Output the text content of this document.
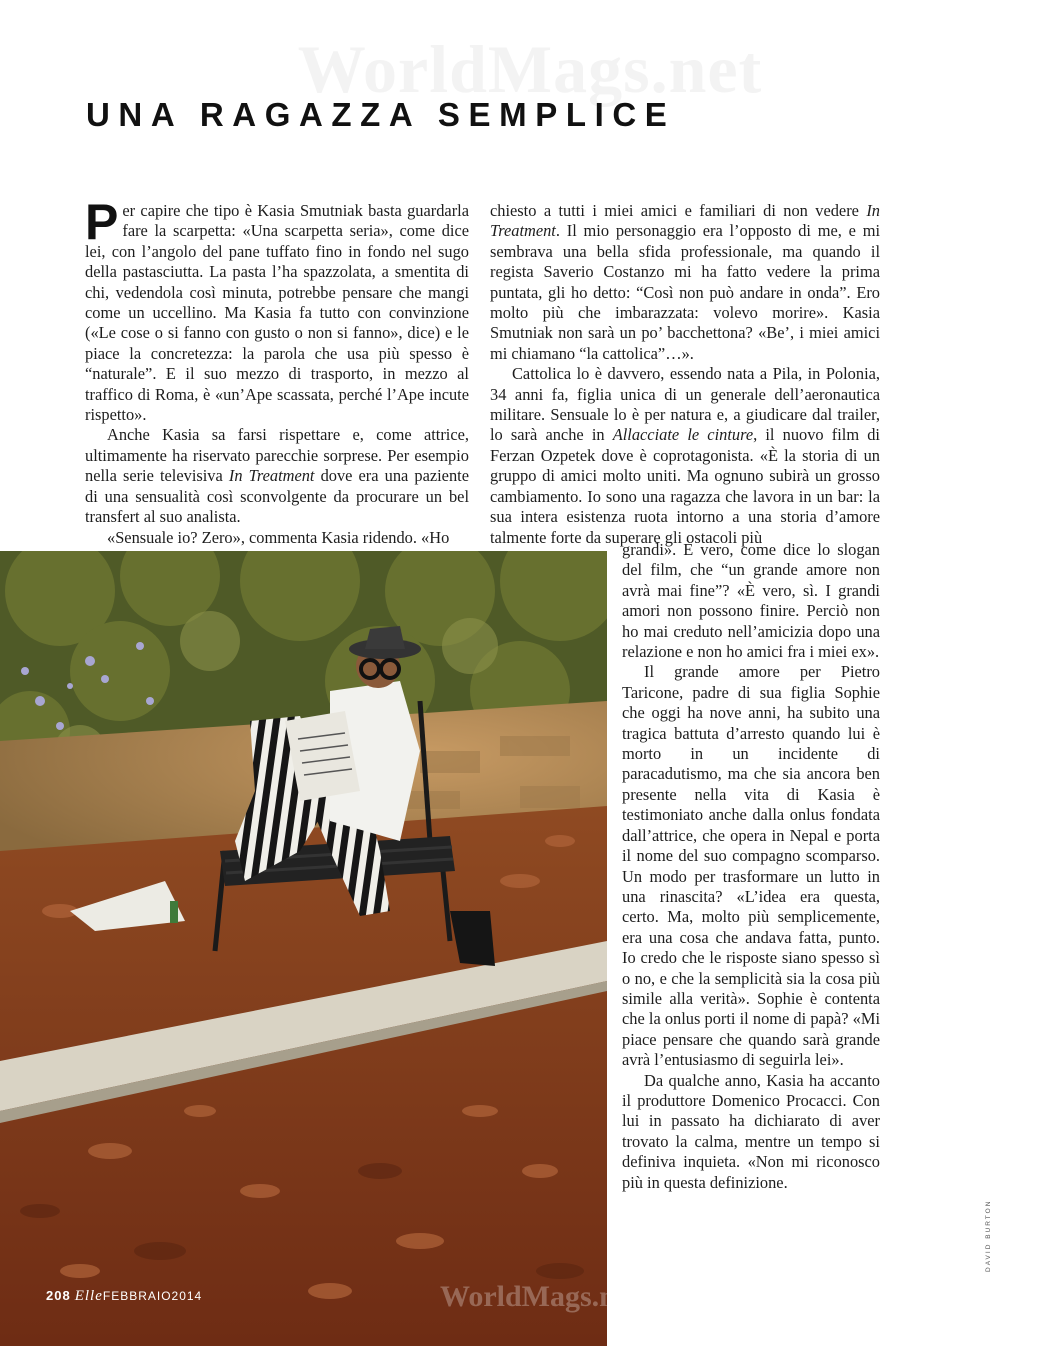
WorldMags.net
UNA RAGAZZA SEMPLICE

Per capire che tipo è Kasia Smutniak basta guardarla fare la scarpetta: «Una scarpetta seria», come dice lei, con l’angolo del pane tuffato fino in fondo nel sugo della pastasciutta. La pasta l’ha spazzolata, a smentita di chi, vedendola così minuta, potrebbe pensare che mangi come un uccellino. Ma Kasia fa tutto con convinzione («Le cose o si fanno con gusto o non si fanno», dice) e le piace la concretezza: la parola che usa più spesso è “naturale”. E il suo mezzo di trasporto, in mezzo al traffico di Roma, è «un’Ape scassata, perché l’Ape incute rispetto».

Anche Kasia sa farsi rispettare e, come attrice, ultimamente ha riservato parecchie sorprese. Per esempio nella serie televisiva In Treatment dove era una paziente di una sensualità così sconvolgente da procurare un bel transfert al suo analista.

«Sensuale io? Zero», commenta Kasia ridendo. «Ho

chiesto a tutti i miei amici e familiari di non vedere In Treatment. Il mio personaggio era l’opposto di me, e mi sembrava una bella sfida professionale, ma quando il regista Saverio Costanzo mi ha fatto vedere la prima puntata, gli ho detto: “Così non può andare in onda”. Ero molto più che imbarazzata: volevo morire». Kasia Smutniak non sarà un po’ bacchettona? «Be’, i miei amici mi chiamano “la cattolica”…».

Cattolica lo è davvero, essendo nata a Pila, in Polonia, 34 anni fa, figlia unica di un generale dell’aeronautica militare. Sensuale lo è per natura e, a giudicare dal trailer, lo sarà anche in Allacciate le cinture, il nuovo film di Ferzan Ozpetek dove è coprotagonista. «È la storia di un gruppo di amici molto uniti. Ma ognuno subirà un grosso cambiamento. Io sono una ragazza che lavora in un bar: la sua intera esistenza ruota intorno a una storia d’amore talmente forte da superare gli ostacoli più

grandi». È vero, come dice lo slogan del film, che “un grande amore non avrà mai fine”? «È vero, sì. I grandi amori non possono finire. Perciò non ho mai creduto nell’amicizia dopo una relazione e non ho amici fra i miei ex».

Il grande amore per Pietro Taricone, padre di sua figlia Sophie che oggi ha nove anni, ha subito una tragica battuta d’arresto quando lui è morto in un incidente di paracadutismo, ma che sia ancora ben presente nella vita di Kasia è testimoniato anche dalla onlus fondata dall’attrice, che opera in Nepal e porta il nome del suo compagno scomparso. Un modo per trasformare un lutto in una rinascita? «L’idea era questa, certo. Ma, molto più semplicemente, era una cosa che andava fatta, punto. Io credo che le risposte siano spesso sì o no, e che la semplicità sia la cosa più simile alla verità». Sophie è contenta che la onlus porti il nome di papà? «Mi piace pensare che quando sarà grande avrà l’entusiasmo di seguirla lei».

Da qualche anno, Kasia ha accanto il produttore Domenico Procacci. Con lui in passato ha dichiarato di aver trovato la calma, mentre un tempo si definiva inquieta. «Non mi riconosco più in questa definizione.

WorldMags.net
208 ElleFEBBRAIO2014
DAVID BURTON
